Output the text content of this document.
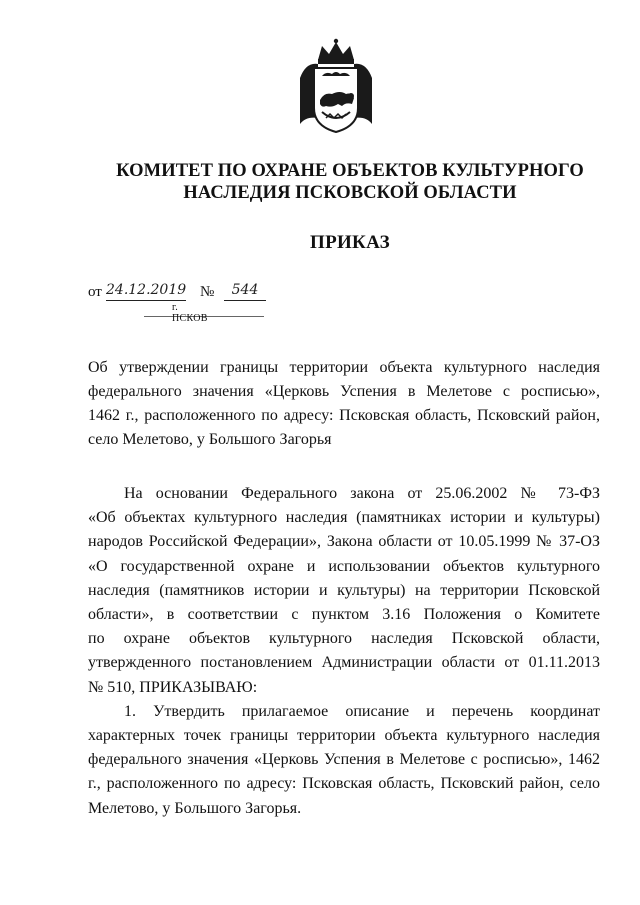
КОМИТЕТ ПО ОХРАНЕ ОБЪЕКТОВ КУЛЬТУРНОГО
НАСЛЕДИЯ ПСКОВСКОЙ ОБЛАСТИ
ПРИКАЗ
от 24.12.2019 №	544
г. ПСКОВ
Об утверждении границы территории объекта культурного наследия
федерального значения «Церковь Успения в Мелетове с росписью»,
1462 г., расположенного по адресу: Псковская область, Псковский район,
село Мелетово, у Большого Загорья
На основании Федерального закона от 25.06.2002 № 73-ФЗ
«Об объектах культурного наследия (памятниках истории и культуры)
народов Российской Федерации», Закона области от 10.05.1999 № 37-ОЗ
«О государственной охране и использовании объектов культурного
наследия (памятников истории и культуры) на территории Псковской
области», в соответствии с пунктом 3.16 Положения о Комитете
по охране объектов культурного наследия Псковской области,
утвержденного постановлением Администрации области от 01.11.2013
№ 510, ПРИКАЗЫВАЮ:
1. Утвердить прилагаемое описание и перечень координат
характерных точек границы территории объекта культурного наследия
федерального значения «Церковь Успения в Мелетове с росписью», 1462
г., расположенного по адресу: Псковская область, Псковский район, село
Мелетово, у Большого Загорья.
